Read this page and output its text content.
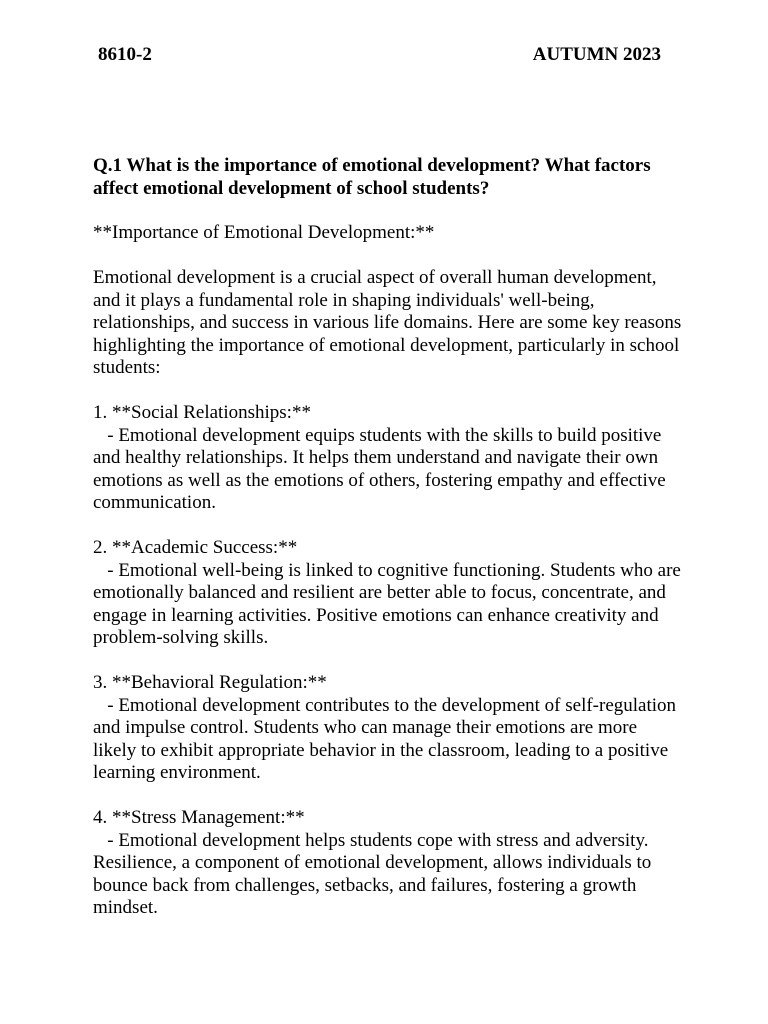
8610-2	AUTUMN 2023

Q.1 What is the importance of emotional development? What factors affect emotional development of school students?

**Importance of Emotional Development:**

Emotional development is a crucial aspect of overall human development, and it plays a fundamental role in shaping individuals' well-being, relationships, and success in various life domains. Here are some key reasons highlighting the importance of emotional development, particularly in school students:

1. **Social Relationships:**
- Emotional development equips students with the skills to build positive and healthy relationships. It helps them understand and navigate their own emotions as well as the emotions of others, fostering empathy and effective communication.
2. **Academic Success:**
- Emotional well-being is linked to cognitive functioning. Students who are emotionally balanced and resilient are better able to focus, concentrate, and engage in learning activities. Positive emotions can enhance creativity and problem-solving skills.
3. **Behavioral Regulation:**
- Emotional development contributes to the development of self-regulation and impulse control. Students who can manage their emotions are more likely to exhibit appropriate behavior in the classroom, leading to a positive learning environment.
4. **Stress Management:**
- Emotional development helps students cope with stress and adversity. Resilience, a component of emotional development, allows individuals to bounce back from challenges, setbacks, and failures, fostering a growth mindset.
